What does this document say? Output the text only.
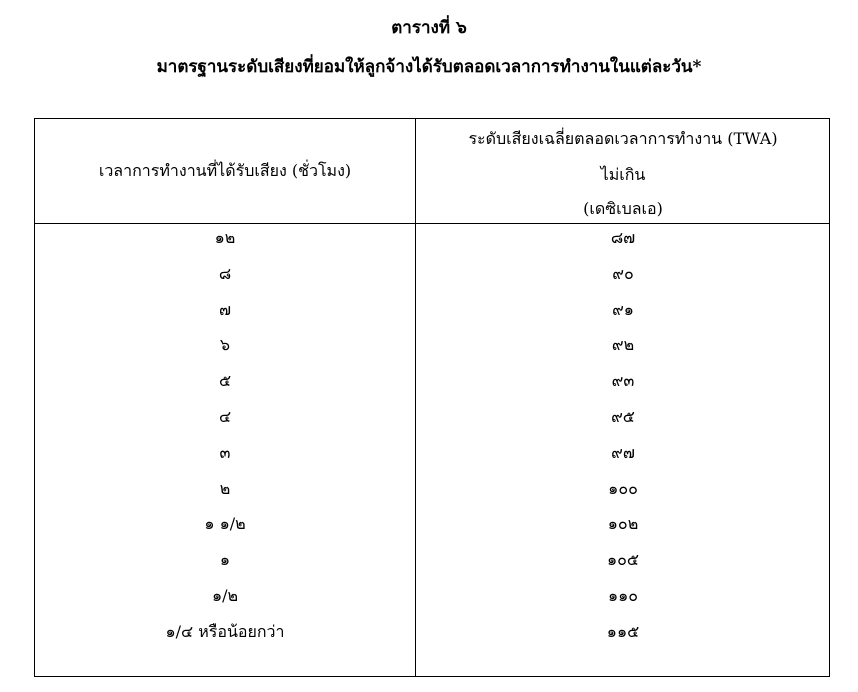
ตารางที่ ๖
มาตรฐานระดับเสียงที่ยอมให้ลูกจ้างได้รับตลอดเวลาการทำงานในแต่ละวัน*
เวลาการทำงานที่ได้รับเสียง (ชั่วโมง)
ระดับเสียงเฉลี่ยตลอดเวลาการทำงาน (TWA)
ไม่เกิน
(เดซิเบลเอ)
๑๒	๘๗
๘	๙๐
๗	๙๑
๖	๙๒
๕	๙๓
๔	๙๕
๓	๙๗
๒	๑๐๐
๑ ๑/๒	๑๐๒
๑	๑๐๕
๑/๒	๑๑๐
๑/๔ หรือน้อยกว่า	๑๑๕
